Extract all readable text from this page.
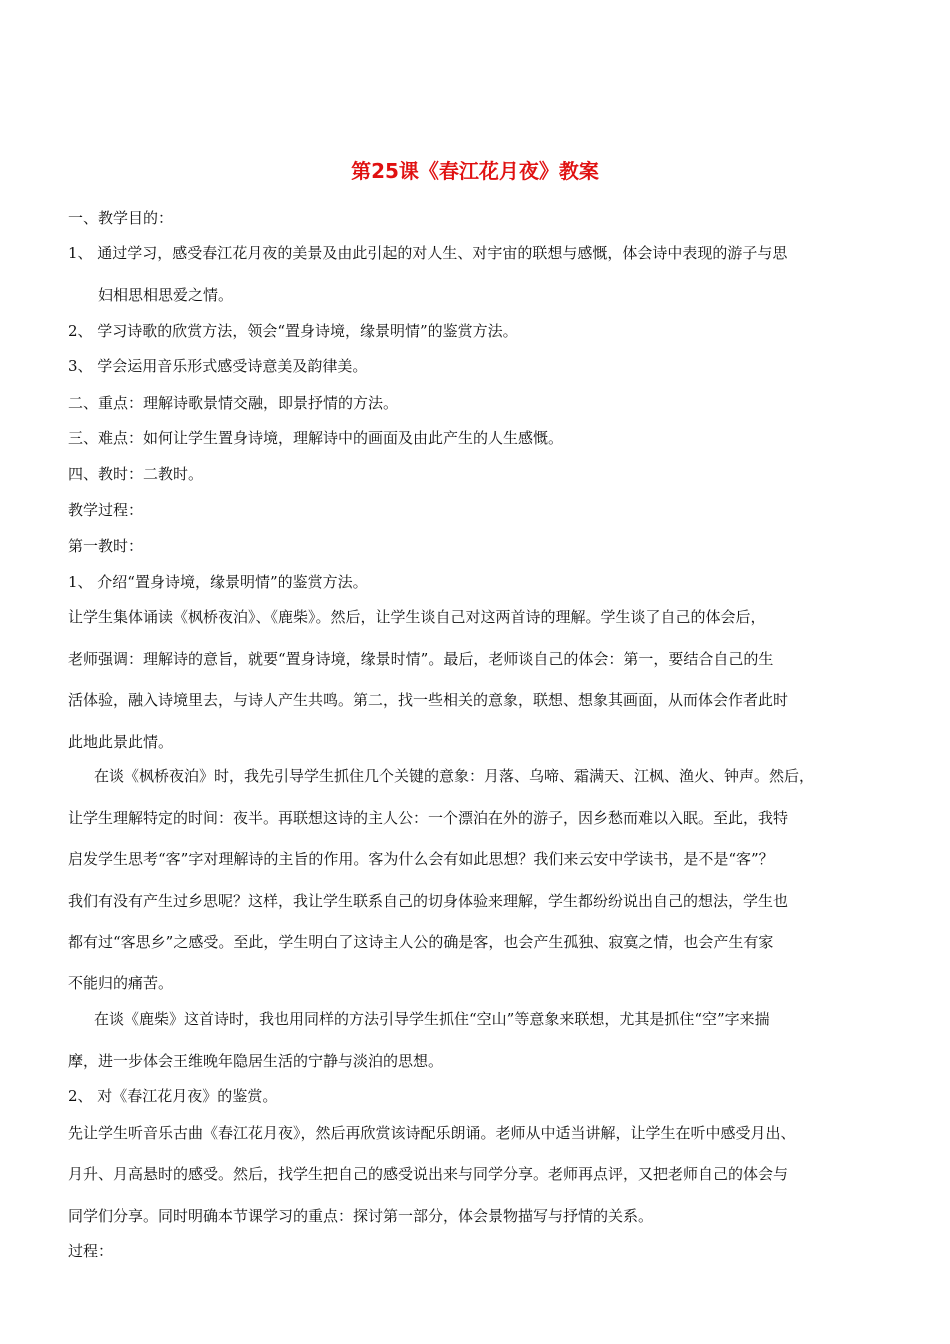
第25课《春江花月夜》教案
一、教学目的：
1、 通过学习，感受春江花月夜的美景及由此引起的对人生、对宇宙的联想与感慨，体会诗中表现的游子与思
妇相思相思爱之情。
2、 学习诗歌的欣赏方法，领会“置身诗境，缘景明情”的鉴赏方法。
3、 学会运用音乐形式感受诗意美及韵律美。
二、重点：理解诗歌景情交融，即景抒情的方法。
三、难点：如何让学生置身诗境，理解诗中的画面及由此产生的人生感慨。
四、教时：二教时。
教学过程：
第一教时：
1、 介绍“置身诗境，缘景明情”的鉴赏方法。
让学生集体诵读《枫桥夜泊》、《鹿柴》。然后，让学生谈自己对这两首诗的理解。学生谈了自己的体会后，
老师强调：理解诗的意旨，就要“置身诗境，缘景时情”。最后，老师谈自己的体会：第一，要结合自己的生
活体验，融入诗境里去，与诗人产生共鸣。第二，找一些相关的意象，联想、想象其画面，从而体会作者此时
此地此景此情。
在谈《枫桥夜泊》时，我先引导学生抓住几个关键的意象：月落、乌啼、霜满天、江枫、渔火、钟声。然后，
让学生理解特定的时间：夜半。再联想这诗的主人公：一个漂泊在外的游子，因乡愁而难以入眠。至此，我特
启发学生思考“客”字对理解诗的主旨的作用。客为什么会有如此思想？我们来云安中学读书，是不是“客”？
我们有没有产生过乡思呢？这样，我让学生联系自己的切身体验来理解，学生都纷纷说出自己的想法，学生也
都有过“客思乡”之感受。至此，学生明白了这诗主人公的确是客，也会产生孤独、寂寞之情，也会产生有家
不能归的痛苦。
在谈《鹿柴》这首诗时，我也用同样的方法引导学生抓住“空山”等意象来联想，尤其是抓住“空”字来揣
摩，进一步体会王维晚年隐居生活的宁静与淡泊的思想。
2、 对《春江花月夜》的鉴赏。
先让学生听音乐古曲《春江花月夜》，然后再欣赏该诗配乐朗诵。老师从中适当讲解，让学生在听中感受月出、
月升、月高悬时的感受。然后，找学生把自己的感受说出来与同学分享。老师再点评，又把老师自己的体会与
同学们分享。同时明确本节课学习的重点：探讨第一部分，体会景物描写与抒情的关系。
过程：
